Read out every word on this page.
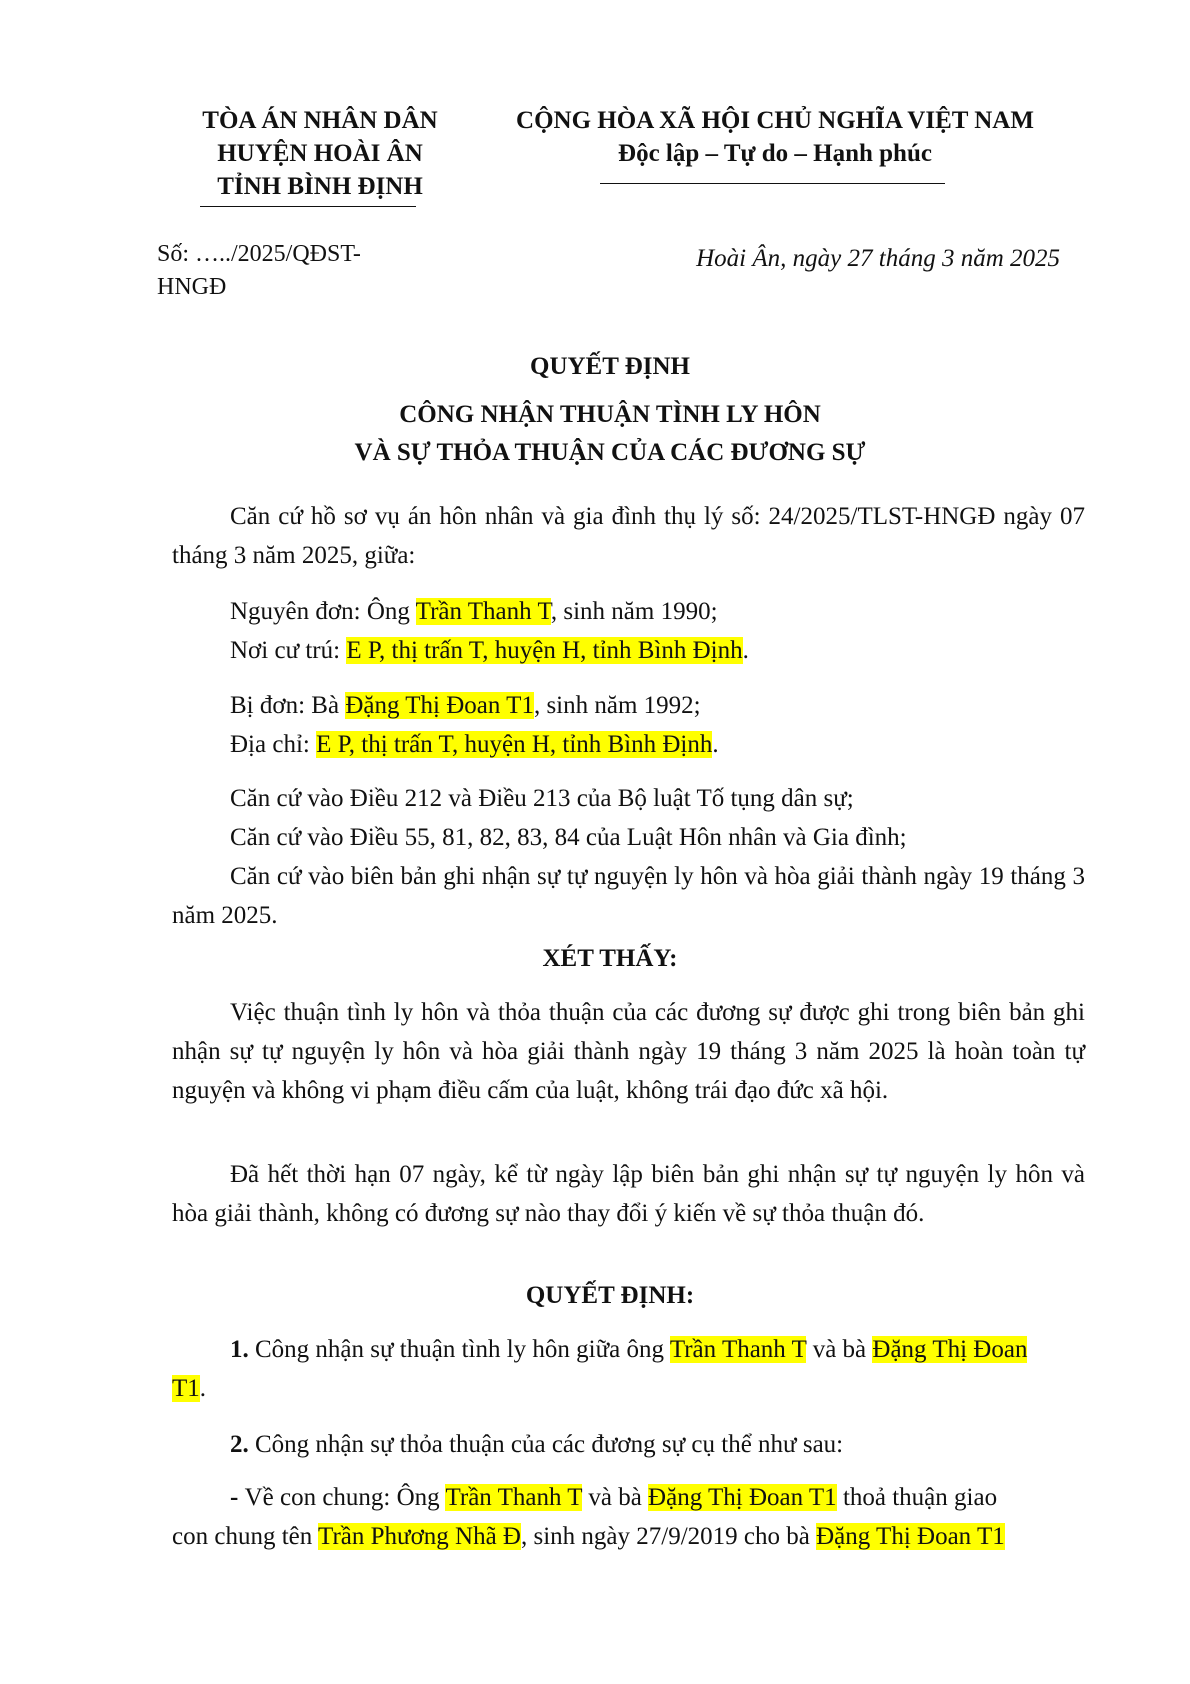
TÒA ÁN NHÂN DÂN
HUYỆN HOÀI ÂN
TỈNH BÌNH ĐỊNH
CỘNG HÒA XÃ HỘI CHỦ NGHĨA VIỆT NAM
Độc lập – Tự do – Hạnh phúc
Số: …../2025/QĐST-
HNGĐ
Hoài Ân, ngày 27 tháng 3 năm 2025
QUYẾT ĐỊNH
CÔNG NHẬN THUẬN TÌNH LY HÔN
VÀ SỰ THỎA THUẬN CỦA CÁC ĐƯƠNG SỰ
Căn cứ hồ sơ vụ án hôn nhân và gia đình thụ lý số: 24/2025/TLST-HNGĐ ngày 07 tháng 3 năm 2025, giữa:
Nguyên đơn: Ông Trần Thanh T, sinh năm 1990;
Nơi cư trú: E P, thị trấn T, huyện H, tỉnh Bình Định.
Bị đơn: Bà Đặng Thị Đoan T1, sinh năm 1992;
Địa chỉ: E P, thị trấn T, huyện H, tỉnh Bình Định.
Căn cứ vào Điều 212 và Điều 213 của Bộ luật Tố tụng dân sự;
Căn cứ vào Điều 55, 81, 82, 83, 84 của Luật Hôn nhân và Gia đình;
Căn cứ vào biên bản ghi nhận sự tự nguyện ly hôn và hòa giải thành ngày 19 tháng 3 năm 2025.
XÉT THẤY:
Việc thuận tình ly hôn và thỏa thuận của các đương sự được ghi trong biên bản ghi nhận sự tự nguyện ly hôn và hòa giải thành ngày 19 tháng 3 năm 2025 là hoàn toàn tự nguyện và không vi phạm điều cấm của luật, không trái đạo đức xã hội.
Đã hết thời hạn 07 ngày, kể từ ngày lập biên bản ghi nhận sự tự nguyện ly hôn và hòa giải thành, không có đương sự nào thay đổi ý kiến về sự thỏa thuận đó.
QUYẾT ĐỊNH:
1. Công nhận sự thuận tình ly hôn giữa ông Trần Thanh T và bà Đặng Thị Đoan
T1.
2. Công nhận sự thỏa thuận của các đương sự cụ thể như sau:
- Về con chung: Ông Trần Thanh T và bà Đặng Thị Đoan T1 thoả thuận giao
con chung tên Trần Phương Nhã Đ, sinh ngày 27/9/2019 cho bà Đặng Thị Đoan T1
